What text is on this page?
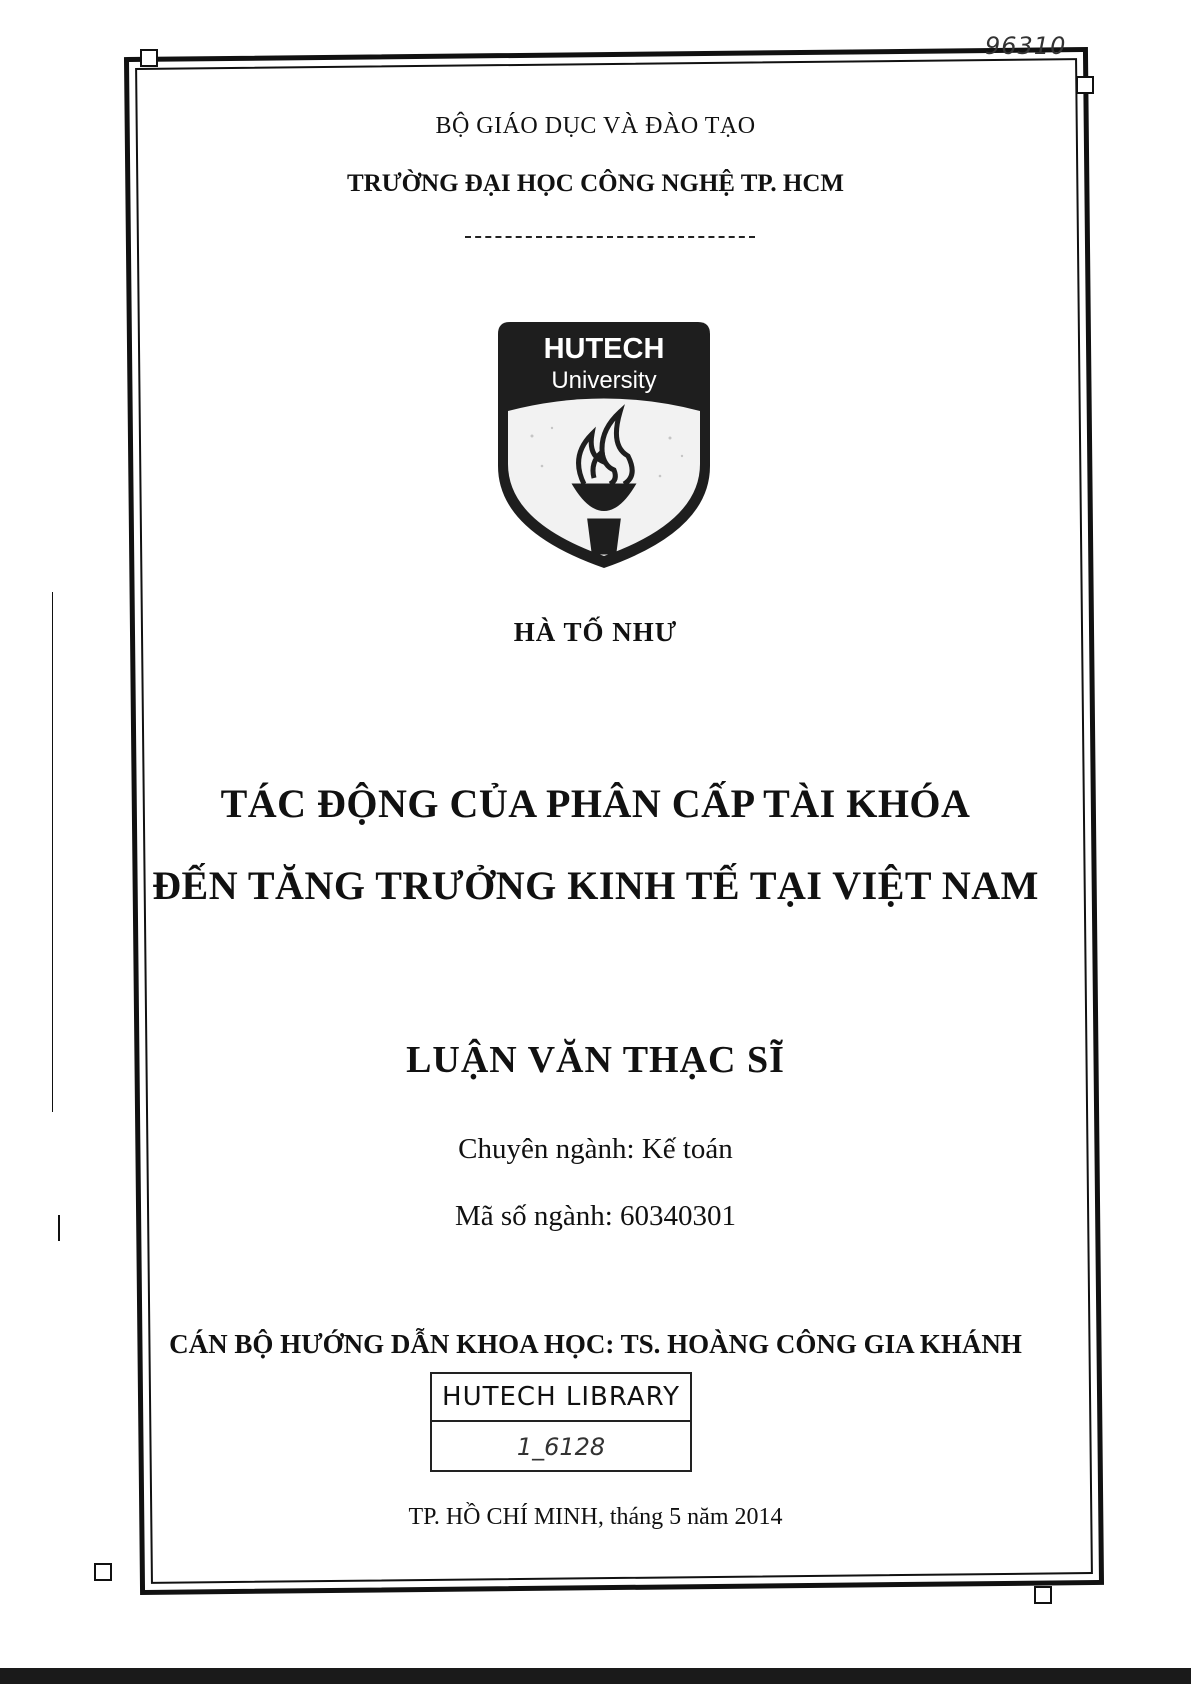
96310
BỘ GIÁO DỤC VÀ ĐÀO TẠO
TRƯỜNG ĐẠI HỌC CÔNG NGHỆ TP. HCM
HUTECH
University
HÀ TỐ NHƯ
TÁC ĐỘNG CỦA PHÂN CẤP TÀI KHÓA
ĐẾN TĂNG TRƯỞNG KINH TẾ TẠI VIỆT NAM
LUẬN VĂN THẠC SĨ
Chuyên ngành: Kế toán
Mã số ngành: 60340301
CÁN BỘ HƯỚNG DẪN KHOA HỌC: TS. HOÀNG CÔNG GIA KHÁNH
HUTECH LIBRARY
1_6128
TP. HỒ CHÍ MINH, tháng 5 năm 2014
